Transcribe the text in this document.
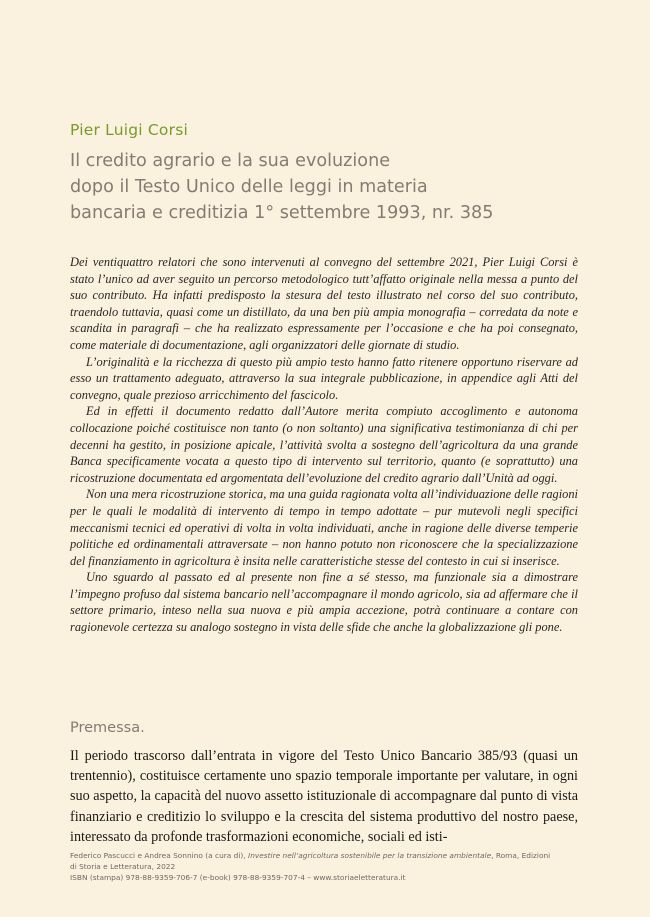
Pier Luigi Corsi
Il credito agrario e la sua evoluzione
dopo il Testo Unico delle leggi in materia
bancaria e creditizia 1° settembre 1993, nr. 385

Dei ventiquattro relatori che sono intervenuti al convegno del settembre 2021, Pier Luigi Corsi è stato l’unico ad aver seguito un percorso metodologico tutt’affatto originale nella messa a punto del suo contributo. Ha infatti predisposto la stesura del testo illustrato nel corso del suo contributo, traendolo tuttavia, quasi come un distillato, da una ben più ampia monografia – corredata da note e scandita in paragrafi – che ha realizzato espressamente per l’occasione e che ha poi consegnato, come materiale di documentazione, agli organizzatori delle giornate di studio.

L’originalità e la ricchezza di questo più ampio testo hanno fatto ritenere opportuno riservare ad esso un trattamento adeguato, attraverso la sua integrale pubblicazione, in appendice agli Atti del convegno, quale prezioso arricchimento del fascicolo.

Ed in effetti il documento redatto dall’Autore merita compiuto accoglimento e autonoma collocazione poiché costituisce non tanto (o non soltanto) una significativa testimonianza di chi per decenni ha gestito, in posizione apicale, l’attività svolta a sostegno dell’agricoltura da una grande Banca specificamente vocata a questo tipo di intervento sul territorio, quanto (e soprattutto) una ricostruzione documentata ed argomentata dell’evoluzione del credito agrario dall’Unità ad oggi.

Non una mera ricostruzione storica, ma una guida ragionata volta all’individuazione delle ragioni per le quali le modalità di intervento di tempo in tempo adottate – pur mutevoli negli specifici meccanismi tecnici ed operativi di volta in volta individuati, anche in ragione delle diverse temperie politiche ed ordinamentali attraversate – non hanno potuto non riconoscere che la specializzazione del finanziamento in agricoltura è insita nelle caratteristiche stesse del contesto in cui si inserisce.

Uno sguardo al passato ed al presente non fine a sé stesso, ma funzionale sia a dimostrare l’impegno profuso dal sistema bancario nell’accompagnare il mondo agricolo, sia ad affermare che il settore primario, inteso nella sua nuova e più ampia accezione, potrà continuare a contare con ragionevole certezza su analogo sostegno in vista delle sfide che anche la globalizzazione gli pone.

Premessa.

Il periodo trascorso dall’entrata in vigore del Testo Unico Bancario 385/93 (quasi un trentennio), costituisce certamente uno spazio temporale importante per valutare, in ogni suo aspetto, la capacità del nuovo assetto istituzionale di accompagnare dal punto di vista finanziario e creditizio lo sviluppo e la crescita del sistema produttivo del nostro paese, interessato da profonde trasformazioni economiche, sociali ed isti-

Federico Pascucci e Andrea Sonnino (a cura di), Investire nell’agricoltura sostenibile per la transizione ambientale, Roma, Edizioni
di Storia e Letteratura, 2022
ISBN (stampa) 978-88-9359-706-7 (e-book) 978-88-9359-707-4 – www.storiaeletteratura.it
